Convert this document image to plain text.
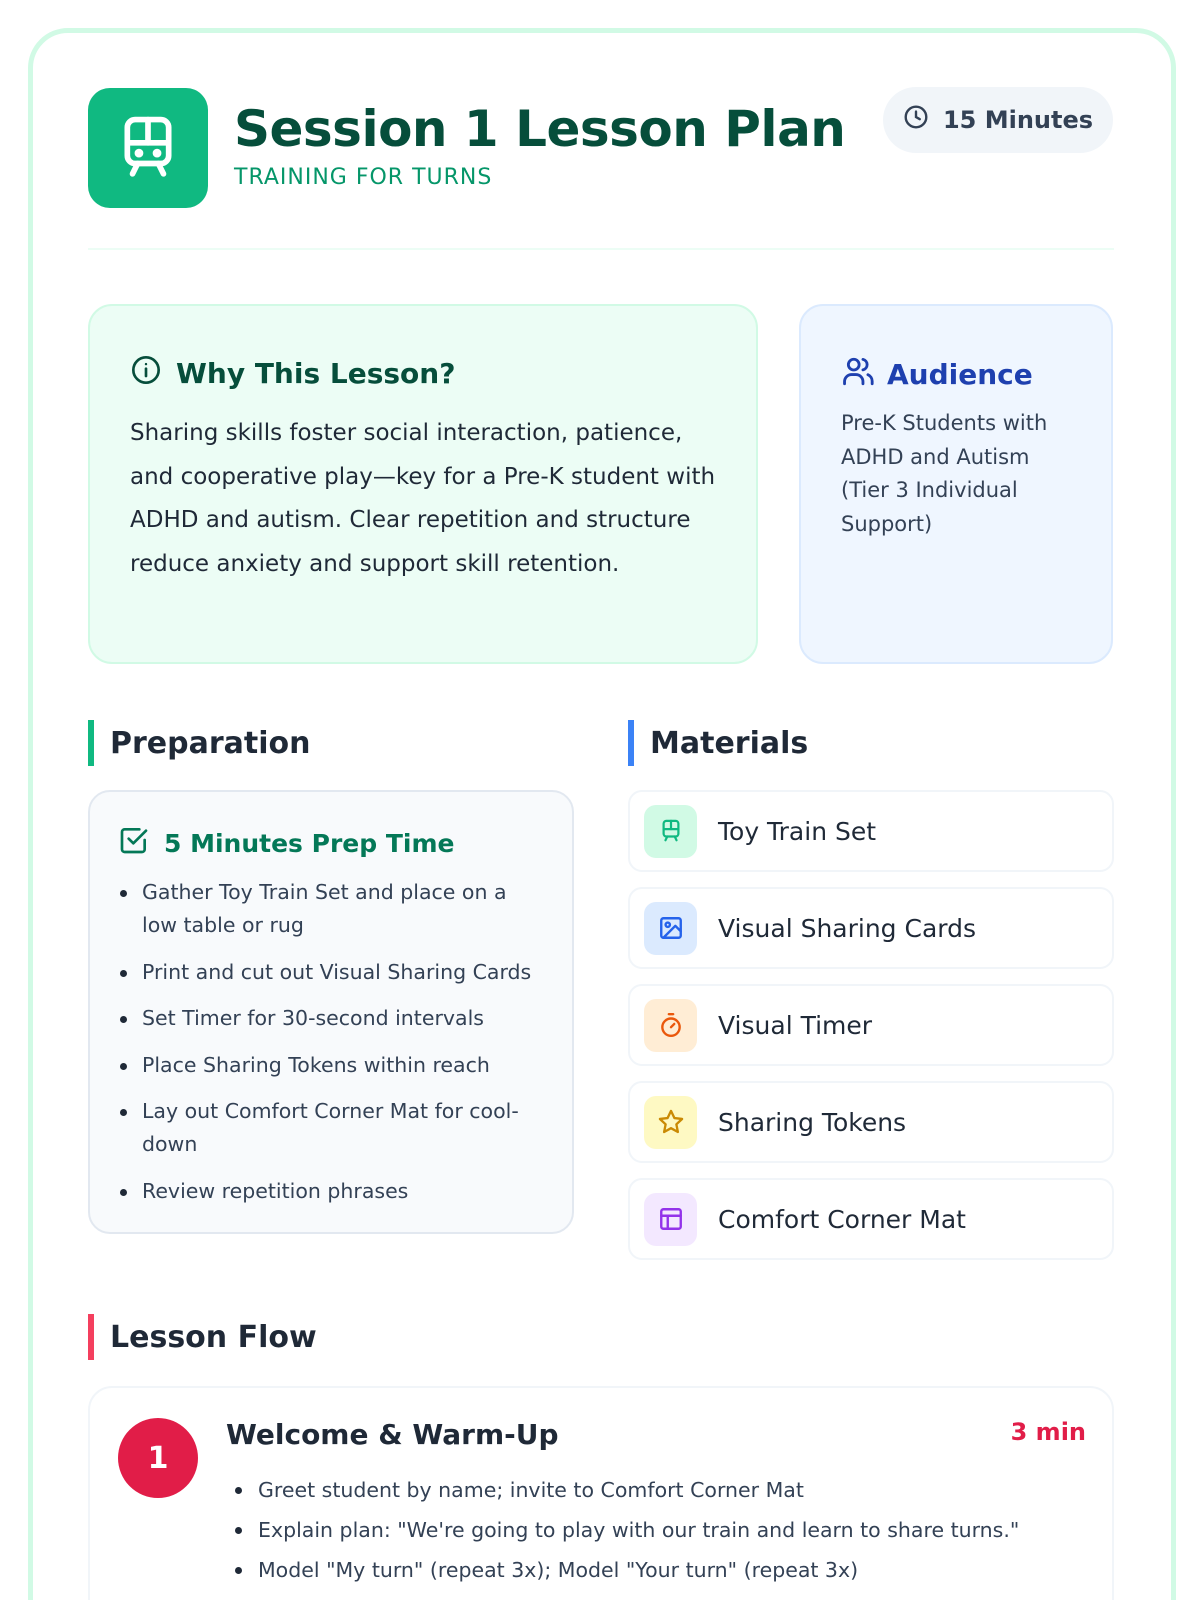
Session 1 Lesson Plan
TRAINING FOR TURNS
15 Minutes
Why This Lesson?

Sharing skills foster social interaction, patience, and cooperative play—key for a Pre-K student with ADHD and autism. Clear repetition and structure reduce anxiety and support skill retention.

Audience

Pre-K Students with ADHD and Autism (Tier 3 Individual Support)

Preparation	Materials
5 Minutes Prep Time
Gather Toy Train Set and place on a low table or rug
Print and cut out Visual Sharing Cards
Set Timer for 30-second intervals
Place Sharing Tokens within reach
Lay out Comfort Corner Mat for cool-down
Review repetition phrases
Toy Train Set
Visual Sharing Cards
Visual Timer
Sharing Tokens
Comfort Corner Mat
Lesson Flow
1
Welcome & Warm-Up	3 min
Greet student by name; invite to Comfort Corner Mat
Explain plan: "We're going to play with our train and learn to share turns."
Model "My turn" (repeat 3x); Model "Your turn" (repeat 3x)
